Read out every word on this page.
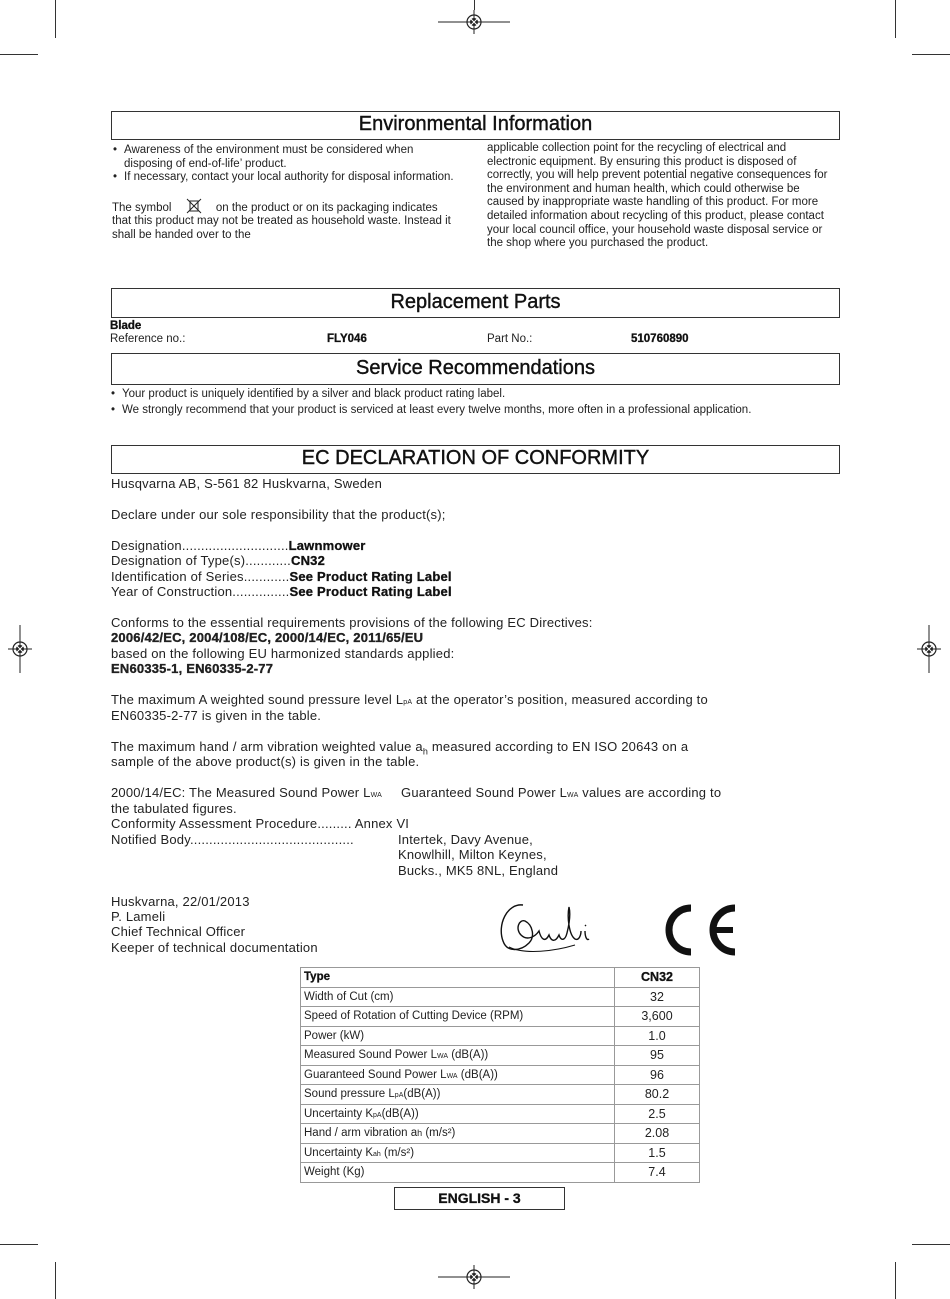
Environmental Information
• Awareness of the environment must be considered when disposing of end-of-life’ product.
• If necessary, contact your local authority for disposal information.
The symbol	on the product or on its packaging indicates that this product may not be treated as household waste. Instead it shall be handed over to the
applicable collection point for the recycling of electrical and electronic equipment. By ensuring this product is disposed of correctly, you will help prevent potential negative consequences for the environment and human health, which could otherwise be caused by inappropriate waste handling of this product. For more detailed information about recycling of this product, please contact your local council office, your household waste disposal service or the shop where you purchased the product.
Replacement Parts
Blade
Reference no.:	FLY046	Part No.:	510760890
Service Recommendations
• Your product is uniquely identified by a silver and black product rating label.
• We strongly recommend that your product is serviced at least every twelve months, more often in a professional application.
EC DECLARATION OF CONFORMITY
Husqvarna AB, S-561 82 Huskvarna, Sweden
Declare under our sole responsibility that the product(s);
Designation............................Lawnmower
Designation of Type(s)............CN32
Identification of Series............See Product Rating Label
Year of Construction...............See Product Rating Label
Conforms to the essential requirements provisions of the following EC Directives:
2006/42/EC, 2004/108/EC, 2000/14/EC, 2011/65/EU
based on the following EU harmonized standards applied:
EN60335-1, EN60335-2-77
The maximum A weighted sound pressure level LpA at the operator’s position, measured according to
EN60335-2-77 is given in the table.
The maximum hand / arm vibration weighted value $a_h$ measured according to EN ISO 20643 on a
sample of the above product(s) is given in the table.
2000/14/EC: The Measured Sound Power LWA     Guaranteed Sound Power LWA values are according to
the tabulated figures.
Conformity Assessment Procedure......... Annex VI
Notified Body...........................................	Intertek, Davy Avenue,
Knowlhill, Milton Keynes,
Bucks., MK5 8NL, England
Huskvarna, 22/01/2013
P. Lameli
Chief Technical Officer
Keeper of technical documentation
Type	CN32
Width of Cut (cm)	32
Speed of Rotation of Cutting Device (RPM)	3,600
Power (kW)	1.0
Measured Sound Power LWA (dB(A))	95
Guaranteed Sound Power LWA (dB(A))	96
Sound pressure LpA(dB(A))	80.2
Uncertainty KpA(dB(A))	2.5
Hand / arm vibration ah (m/s²)	2.08
Uncertainty Kah (m/s²)	1.5
Weight (Kg)	7.4
ENGLISH - 3
